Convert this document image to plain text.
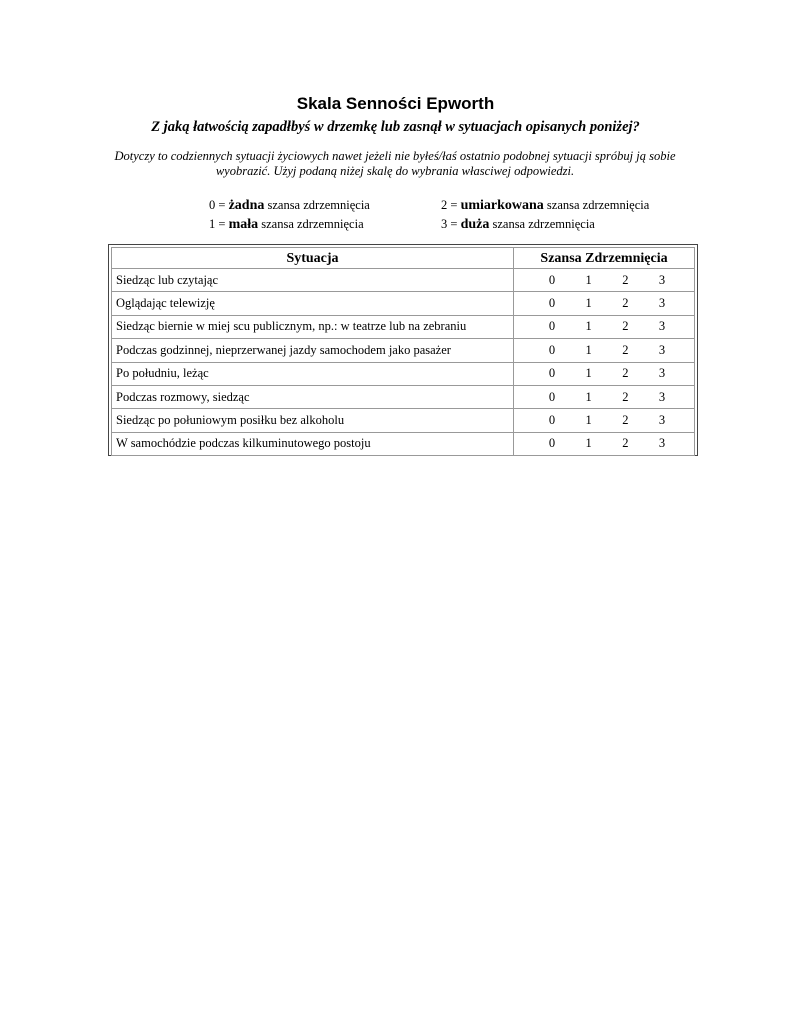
Skala Senności Epworth
Z jaką łatwością zapadłbyś w drzemkę lub zasnął w sytuacjach opisanych poniżej?
Dotyczy to codziennych sytuacji życiowych nawet jeżeli nie byłeś/łaś ostatnio podobnej sytuacji spróbuj ją sobie wyobrazić. Użyj podaną niżej skalę do wybrania własciwej odpowiedzi.
0 = żadna szansa zdrzemnięcia
1 = mała szansa zdrzemnięcia
2 = umiarkowana szansa zdrzemnięcia
3 = duża szansa zdrzemnięcia
Sytuacja	Szansa Zdrzemnięcia
Siedząc lub czytając	0 1 2 3

Oglądając telewizję	0 1 2 3

Siedząc biernie w miej scu publicznym, np.: w teatrze lub na zebraniu	0 1 2 3

Podczas godzinnej, nieprzerwanej jazdy samochodem jako pasażer	0 1 2 3

Po południu, leżąc	0 1 2 3

Podczas rozmowy, siedząc	0 1 2 3

Siedząc po połuniowym posiłku bez alkoholu	0 1 2 3

W samochódzie podczas kilkuminutowego postoju	0 1 2 3
